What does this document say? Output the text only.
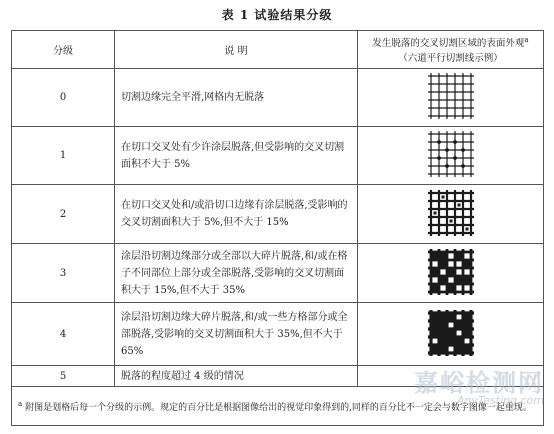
表 1 试验结果分级
分级	说 明	发生脱落的交叉切割区域的表面外观$^a$
（六道平行切割线示例）
0	切割边缘完全平滑,网格内无脱落	
1	在切口交叉处有少许涂层脱落,但受影响的交叉切割面积不大于 5%	
2	在切口交叉处和/或沿切口边缘有涂层脱落,受影响的交叉切割面积大于 5%,但不大于 15%	
3	涂层沿切割边缘部分或全部以大碎片脱落,和/或在格子不同部位上部分或全部脱落,受影响的交叉切割面积大于 15%,但不大于 35%	
4	涂层沿切割边缘大碎片脱落,和/或一些方格部分或全部脱落,受影响的交叉切割面积大于 35%,但不大于 65%	
5	脱落的程度超过 4 级的情况	
$^a$ 附图是划格后每一个分级的示例。规定的百分比是根据图像给出的视觉印象得到的,同样的百分比不一定会与数字图像一起重现。		
嘉峪检测网
AnyTesting.com
